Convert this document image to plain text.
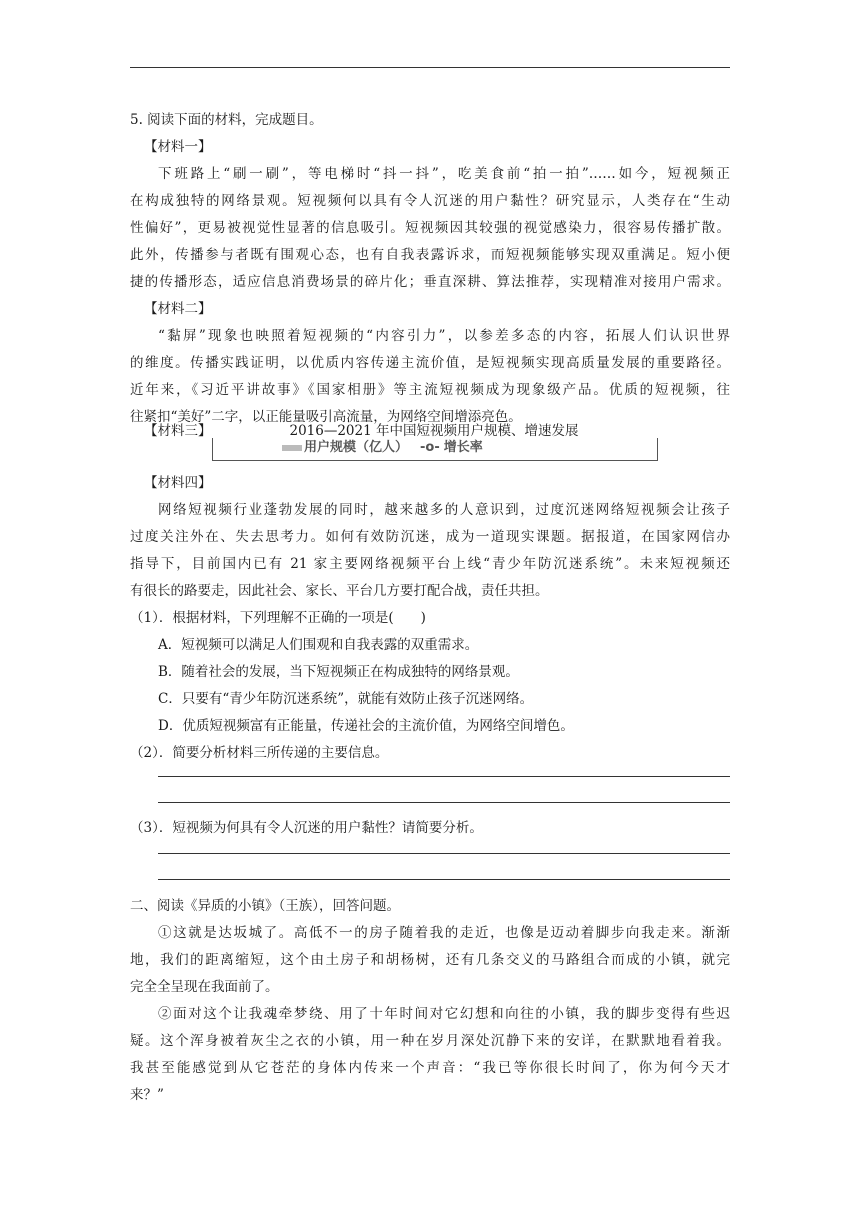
5. 阅读下面的材料，完成题目。
【材料一】
下班路上“刷一刷”，等电梯时“抖一抖”，吃美食前“拍一拍”……如今，短视频正
在构成独特的网络景观。短视频何以具有令人沉迷的用户黏性？研究显示，人类存在“生动
性偏好”，更易被视觉性显著的信息吸引。短视频因其较强的视觉感染力，很容易传播扩散。
此外，传播参与者既有围观心态，也有自我表露诉求，而短视频能够实现双重满足。短小便
捷的传播形态，适应信息消费场景的碎片化；垂直深耕、算法推荐，实现精准对接用户需求。
【材料二】
“黏屏”现象也映照着短视频的“内容引力”，以参差多态的内容，拓展人们认识世界
的维度。传播实践证明，以优质内容传递主流价值，是短视频实现高质量发展的重要路径。
近年来，《习近平讲故事》《国家相册》等主流短视频成为现象级产品。优质的短视频，往
往紧扣“美好”二字，以正能量吸引高流量，为网络空间增添亮色。
【材料三】	2016—2021 年中国短视频用户规模、增速发展
用户规模（亿人） -o- 增长率
【材料四】
网络短视频行业蓬勃发展的同时，越来越多的人意识到，过度沉迷网络短视频会让孩子
过度关注外在、失去思考力。如何有效防沉迷，成为一道现实课题。据报道，在国家网信办
指导下，目前国内已有 21 家主要网络视频平台上线“青少年防沉迷系统”。未来短视频还
有很长的路要走，因此社会、家长、平台几方要打配合战，责任共担。
（1）．根据材料，下列理解不正确的一项是(　　)
A．短视频可以满足人们围观和自我表露的双重需求。
B．随着社会的发展，当下短视频正在构成独特的网络景观。
C．只要有“青少年防沉迷系统”，就能有效防止孩子沉迷网络。
D．优质短视频富有正能量，传递社会的主流价值，为网络空间增色。
（2）．简要分析材料三所传递的主要信息。
（3）．短视频为何具有令人沉迷的用户黏性？请简要分析。
二、阅读《异质的小镇》（王族），回答问题。
①这就是达坂城了。高低不一的房子随着我的走近，也像是迈动着脚步向我走来。渐渐
地，我们的距离缩短，这个由土房子和胡杨树，还有几条交义的马路组合而成的小镇，就完
完全全呈现在我面前了。
②面对这个让我魂牵梦绕、用了十年时间对它幻想和向往的小镇，我的脚步变得有些迟
疑。这个浑身被着灰尘之衣的小镇，用一种在岁月深处沉静下来的安详，在默默地看着我。
我甚至能感觉到从它苍茫的身体内传来一个声音：“我已等你很长时间了，你为何今天才
来？”
